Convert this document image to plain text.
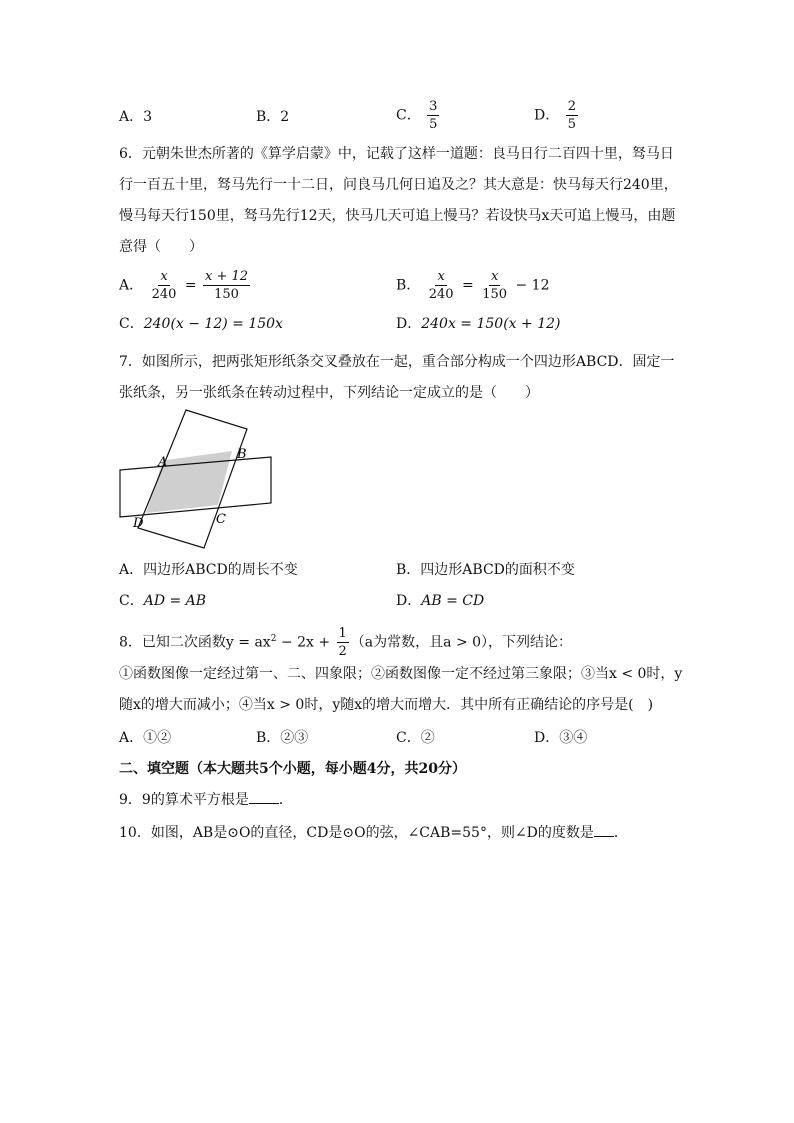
A．3	B．2	C． $\frac{3}{5}$	D． $\frac{2}{5}$
6．元朝朱世杰所著的《算学启蒙》中，记载了这样一道题：良马日行二百四十里，驽马日
行一百五十里，驽马先行一十二日，问良马几何日追及之？其大意是：快马每天行240里，
慢马每天行150里，驽马先行12天，快马几天可追上慢马？若设快马x天可追上慢马，由题
意得（　　）
A． $\frac{x}{240} = \frac{x + 12}{150}$	B． $\frac{x}{240} = \frac{x}{150} - 12$
C．240(x − 12) = 150x	D．240x = 150(x + 12)
7．如图所示，把两张矩形纸条交叉叠放在一起，重合部分构成一个四边形ABCD．固定一
张纸条，另一张纸条在转动过程中，下列结论一定成立的是（　　）
A
B
C
D
A．四边形ABCD的周长不变	B．四边形ABCD的面积不变
C．AD = AB	D．AB = CD
8．已知二次函数$y = ax^2 - 2x + \frac{1}{2} (a$为常数，且a > 0），下列结论：
①函数图像一定经过第一、二、四象限；②函数图像一定不经过第三象限；③当x < 0时，y
随x的增大而减小；④当x > 0时，y随x的增大而增大．其中所有正确结论的序号是(　)
A．①②	B．②③	C．②	D．③④
二、填空题（本大题共5个小题，每小题4分，共20分）
9．9的算术平方根是 ．
10．如图，AB是⊙O的直径，CD是⊙O的弦，∠CAB=55°，则∠D的度数是 ．
